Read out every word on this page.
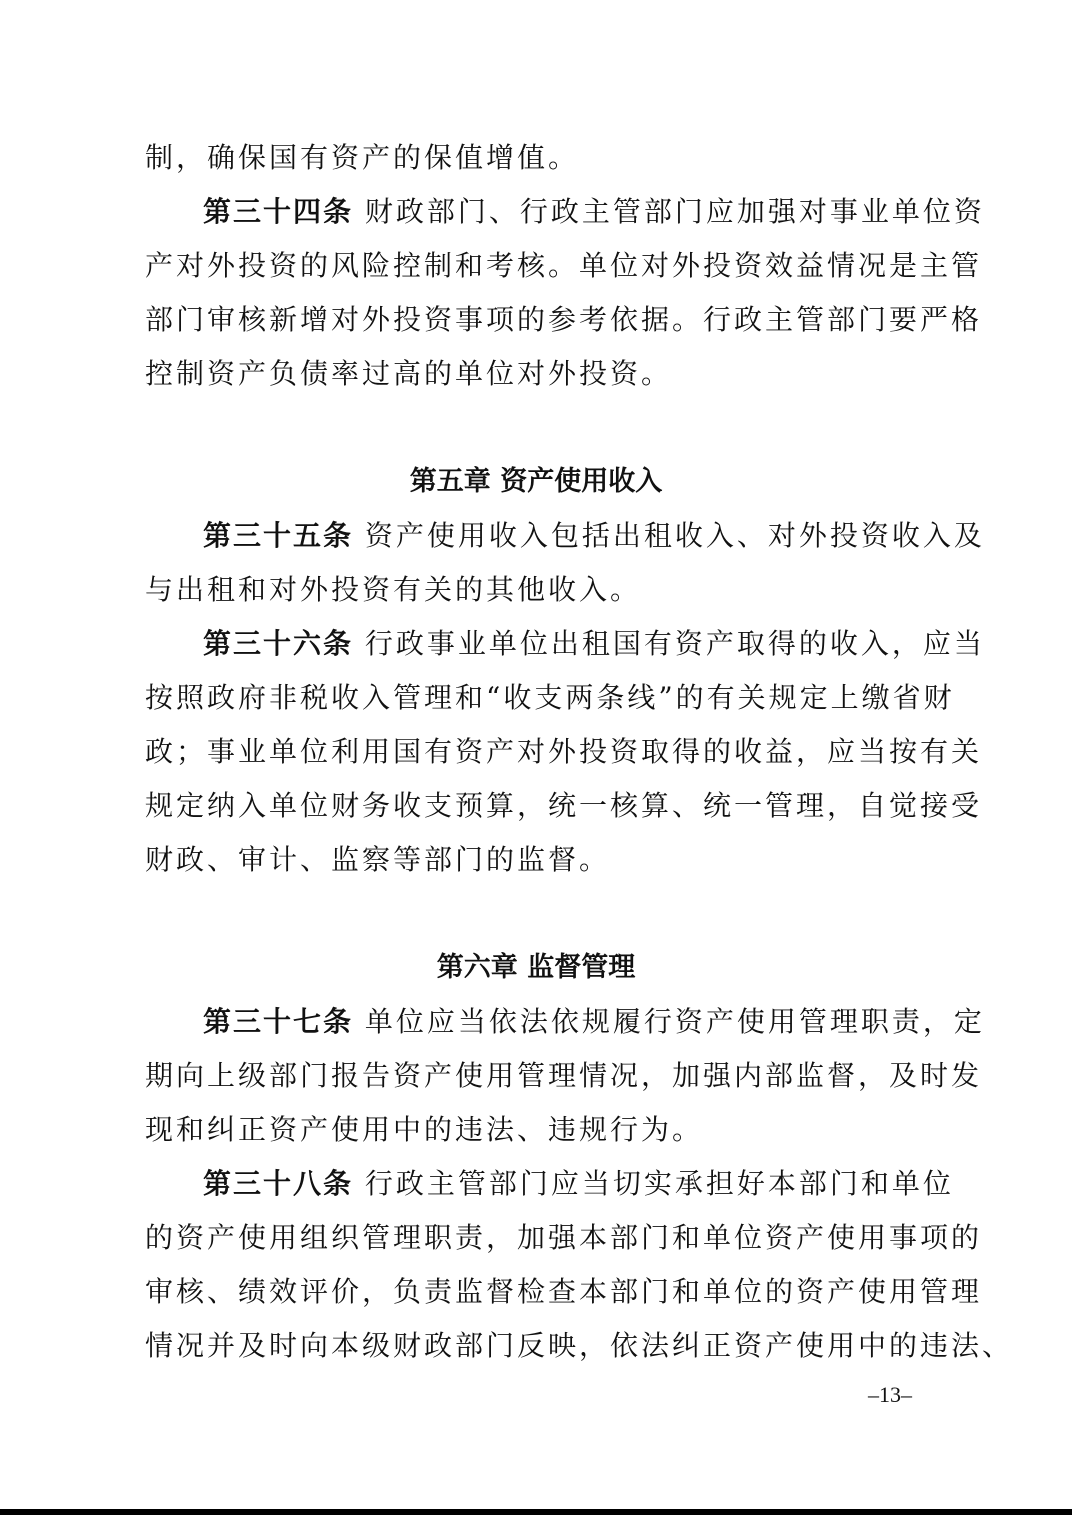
制，确保国有资产的保值增值。
第三十四条 财政部门、行政主管部门应加强对事业单位资
产对外投资的风险控制和考核。单位对外投资效益情况是主管
部门审核新增对外投资事项的参考依据。行政主管部门要严格
控制资产负债率过高的单位对外投资。
第五章 资产使用收入
第三十五条 资产使用收入包括出租收入、对外投资收入及
与出租和对外投资有关的其他收入。
第三十六条 行政事业单位出租国有资产取得的收入，应当
按照政府非税收入管理和“收支两条线”的有关规定上缴省财
政；事业单位利用国有资产对外投资取得的收益，应当按有关
规定纳入单位财务收支预算，统一核算、统一管理，自觉接受
财政、审计、监察等部门的监督。
第六章 监督管理
第三十七条 单位应当依法依规履行资产使用管理职责，定
期向上级部门报告资产使用管理情况，加强内部监督，及时发
现和纠正资产使用中的违法、违规行为。
第三十八条 行政主管部门应当切实承担好本部门和单位
的资产使用组织管理职责，加强本部门和单位资产使用事项的
审核、绩效评价，负责监督检查本部门和单位的资产使用管理
情况并及时向本级财政部门反映，依法纠正资产使用中的违法、
–13–
